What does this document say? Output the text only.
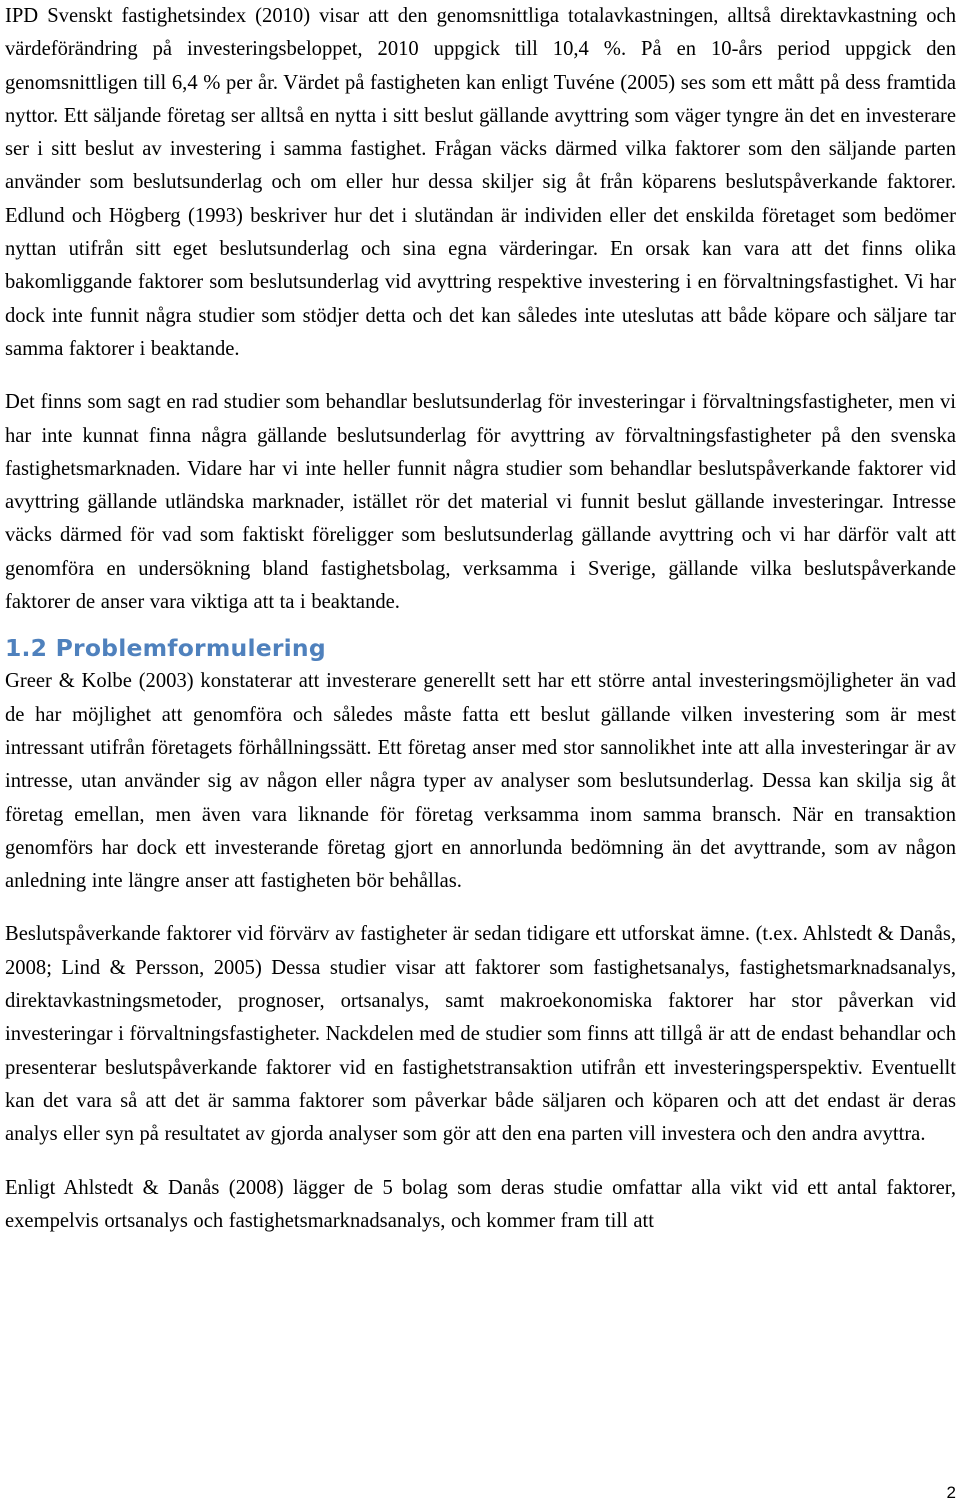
IPD Svenskt fastighetsindex (2010) visar att den genomsnittliga totalavkastningen, alltså direktavkastning och värdeförändring på investeringsbeloppet, 2010 uppgick till 10,4 %. På en 10-års period uppgick den genomsnittligen till 6,4 % per år. Värdet på fastigheten kan enligt Tuvéne (2005) ses som ett mått på dess framtida nyttor. Ett säljande företag ser alltså en nytta i sitt beslut gällande avyttring som väger tyngre än det en investerare ser i sitt beslut av investering i samma fastighet. Frågan väcks därmed vilka faktorer som den säljande parten använder som beslutsunderlag och om eller hur dessa skiljer sig åt från köparens beslutspåverkande faktorer. Edlund och Högberg (1993) beskriver hur det i slutändan är individen eller det enskilda företaget som bedömer nyttan utifrån sitt eget beslutsunderlag och sina egna värderingar. En orsak kan vara att det finns olika bakomliggande faktorer som beslutsunderlag vid avyttring respektive investering i en förvaltningsfastighet. Vi har dock inte funnit några studier som stödjer detta och det kan således inte uteslutas att både köpare och säljare tar samma faktorer i beaktande.

Det finns som sagt en rad studier som behandlar beslutsunderlag för investeringar i förvaltningsfastigheter, men vi har inte kunnat finna några gällande beslutsunderlag för avyttring av förvaltningsfastigheter på den svenska fastighetsmarknaden. Vidare har vi inte heller funnit några studier som behandlar beslutspåverkande faktorer vid avyttring gällande utländska marknader, istället rör det material vi funnit beslut gällande investeringar. Intresse väcks därmed för vad som faktiskt föreligger som beslutsunderlag gällande avyttring och vi har därför valt att genomföra en undersökning bland fastighetsbolag, verksamma i Sverige, gällande vilka beslutspåverkande faktorer de anser vara viktiga att ta i beaktande.

1.2 Problemformulering

Greer & Kolbe (2003) konstaterar att investerare generellt sett har ett större antal investeringsmöjligheter än vad de har möjlighet att genomföra och således måste fatta ett beslut gällande vilken investering som är mest intressant utifrån företagets förhållningssätt. Ett företag anser med stor sannolikhet inte att alla investeringar är av intresse, utan använder sig av någon eller några typer av analyser som beslutsunderlag. Dessa kan skilja sig åt företag emellan, men även vara liknande för företag verksamma inom samma bransch. När en transaktion genomförs har dock ett investerande företag gjort en annorlunda bedömning än det avyttrande, som av någon anledning inte längre anser att fastigheten bör behållas.

Beslutspåverkande faktorer vid förvärv av fastigheter är sedan tidigare ett utforskat ämne. (t.ex. Ahlstedt & Danås, 2008; Lind & Persson, 2005) Dessa studier visar att faktorer som fastighetsanalys, fastighetsmarknadsanalys, direktavkastningsmetoder, prognoser, ortsanalys, samt makroekonomiska faktorer har stor påverkan vid investeringar i förvaltningsfastigheter. Nackdelen med de studier som finns att tillgå är att de endast behandlar och presenterar beslutspåverkande faktorer vid en fastighetstransaktion utifrån ett investeringsperspektiv. Eventuellt kan det vara så att det är samma faktorer som påverkar både säljaren och köparen och att det endast är deras analys eller syn på resultatet av gjorda analyser som gör att den ena parten vill investera och den andra avyttra.

Enligt Ahlstedt & Danås (2008) lägger de 5 bolag som deras studie omfattar alla vikt vid ett antal faktorer, exempelvis ortsanalys och fastighetsmarknadsanalys, och kommer fram till att

2
